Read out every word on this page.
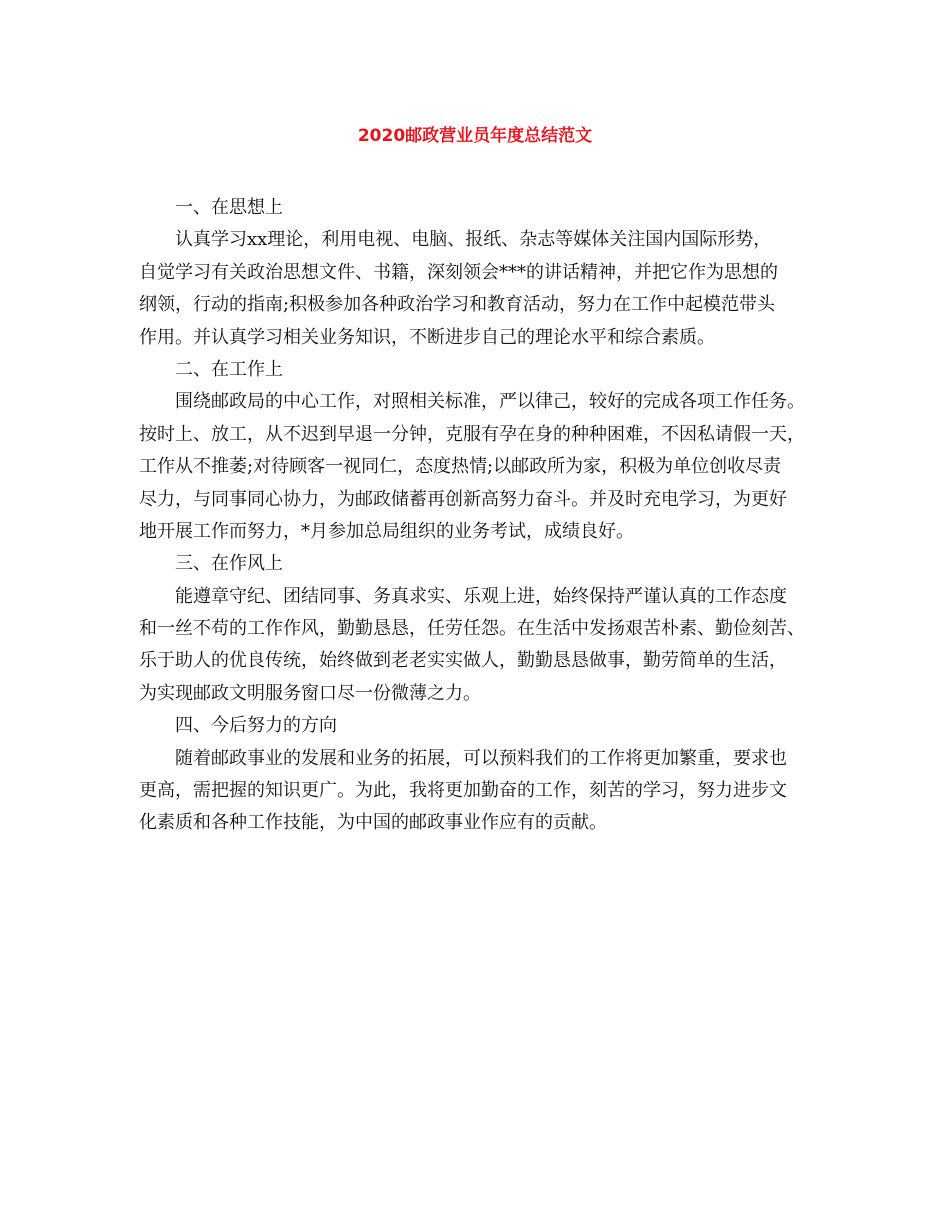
2020邮政营业员年度总结范文

一、在思想上

认真学习xx理论，利用电视、电脑、报纸、杂志等媒体关注国内国际形势，

自觉学习有关政治思想文件、书籍，深刻领会***的讲话精神，并把它作为思想的

纲领，行动的指南;积极参加各种政治学习和教育活动，努力在工作中起模范带头

作用。并认真学习相关业务知识，不断进步自己的理论水平和综合素质。

二、在工作上

围绕邮政局的中心工作，对照相关标准，严以律己，较好的完成各项工作任务。

按时上、放工，从不迟到早退一分钟，克服有孕在身的种种困难，不因私请假一天，

工作从不推萎;对待顾客一视同仁，态度热情;以邮政所为家，积极为单位创收尽责

尽力，与同事同心协力，为邮政储蓄再创新高努力奋斗。并及时充电学习，为更好

地开展工作而努力，*月参加总局组织的业务考试，成绩良好。

三、在作风上

能遵章守纪、团结同事、务真求实、乐观上进，始终保持严谨认真的工作态度

和一丝不苟的工作作风，勤勤恳恳，任劳任怨。在生活中发扬艰苦朴素、勤俭刻苦、

乐于助人的优良传统，始终做到老老实实做人，勤勤恳恳做事，勤劳简单的生活，

为实现邮政文明服务窗口尽一份微薄之力。

四、今后努力的方向

随着邮政事业的发展和业务的拓展，可以预料我们的工作将更加繁重，要求也

更高，需把握的知识更广。为此，我将更加勤奋的工作，刻苦的学习，努力进步文

化素质和各种工作技能，为中国的邮政事业作应有的贡献。
